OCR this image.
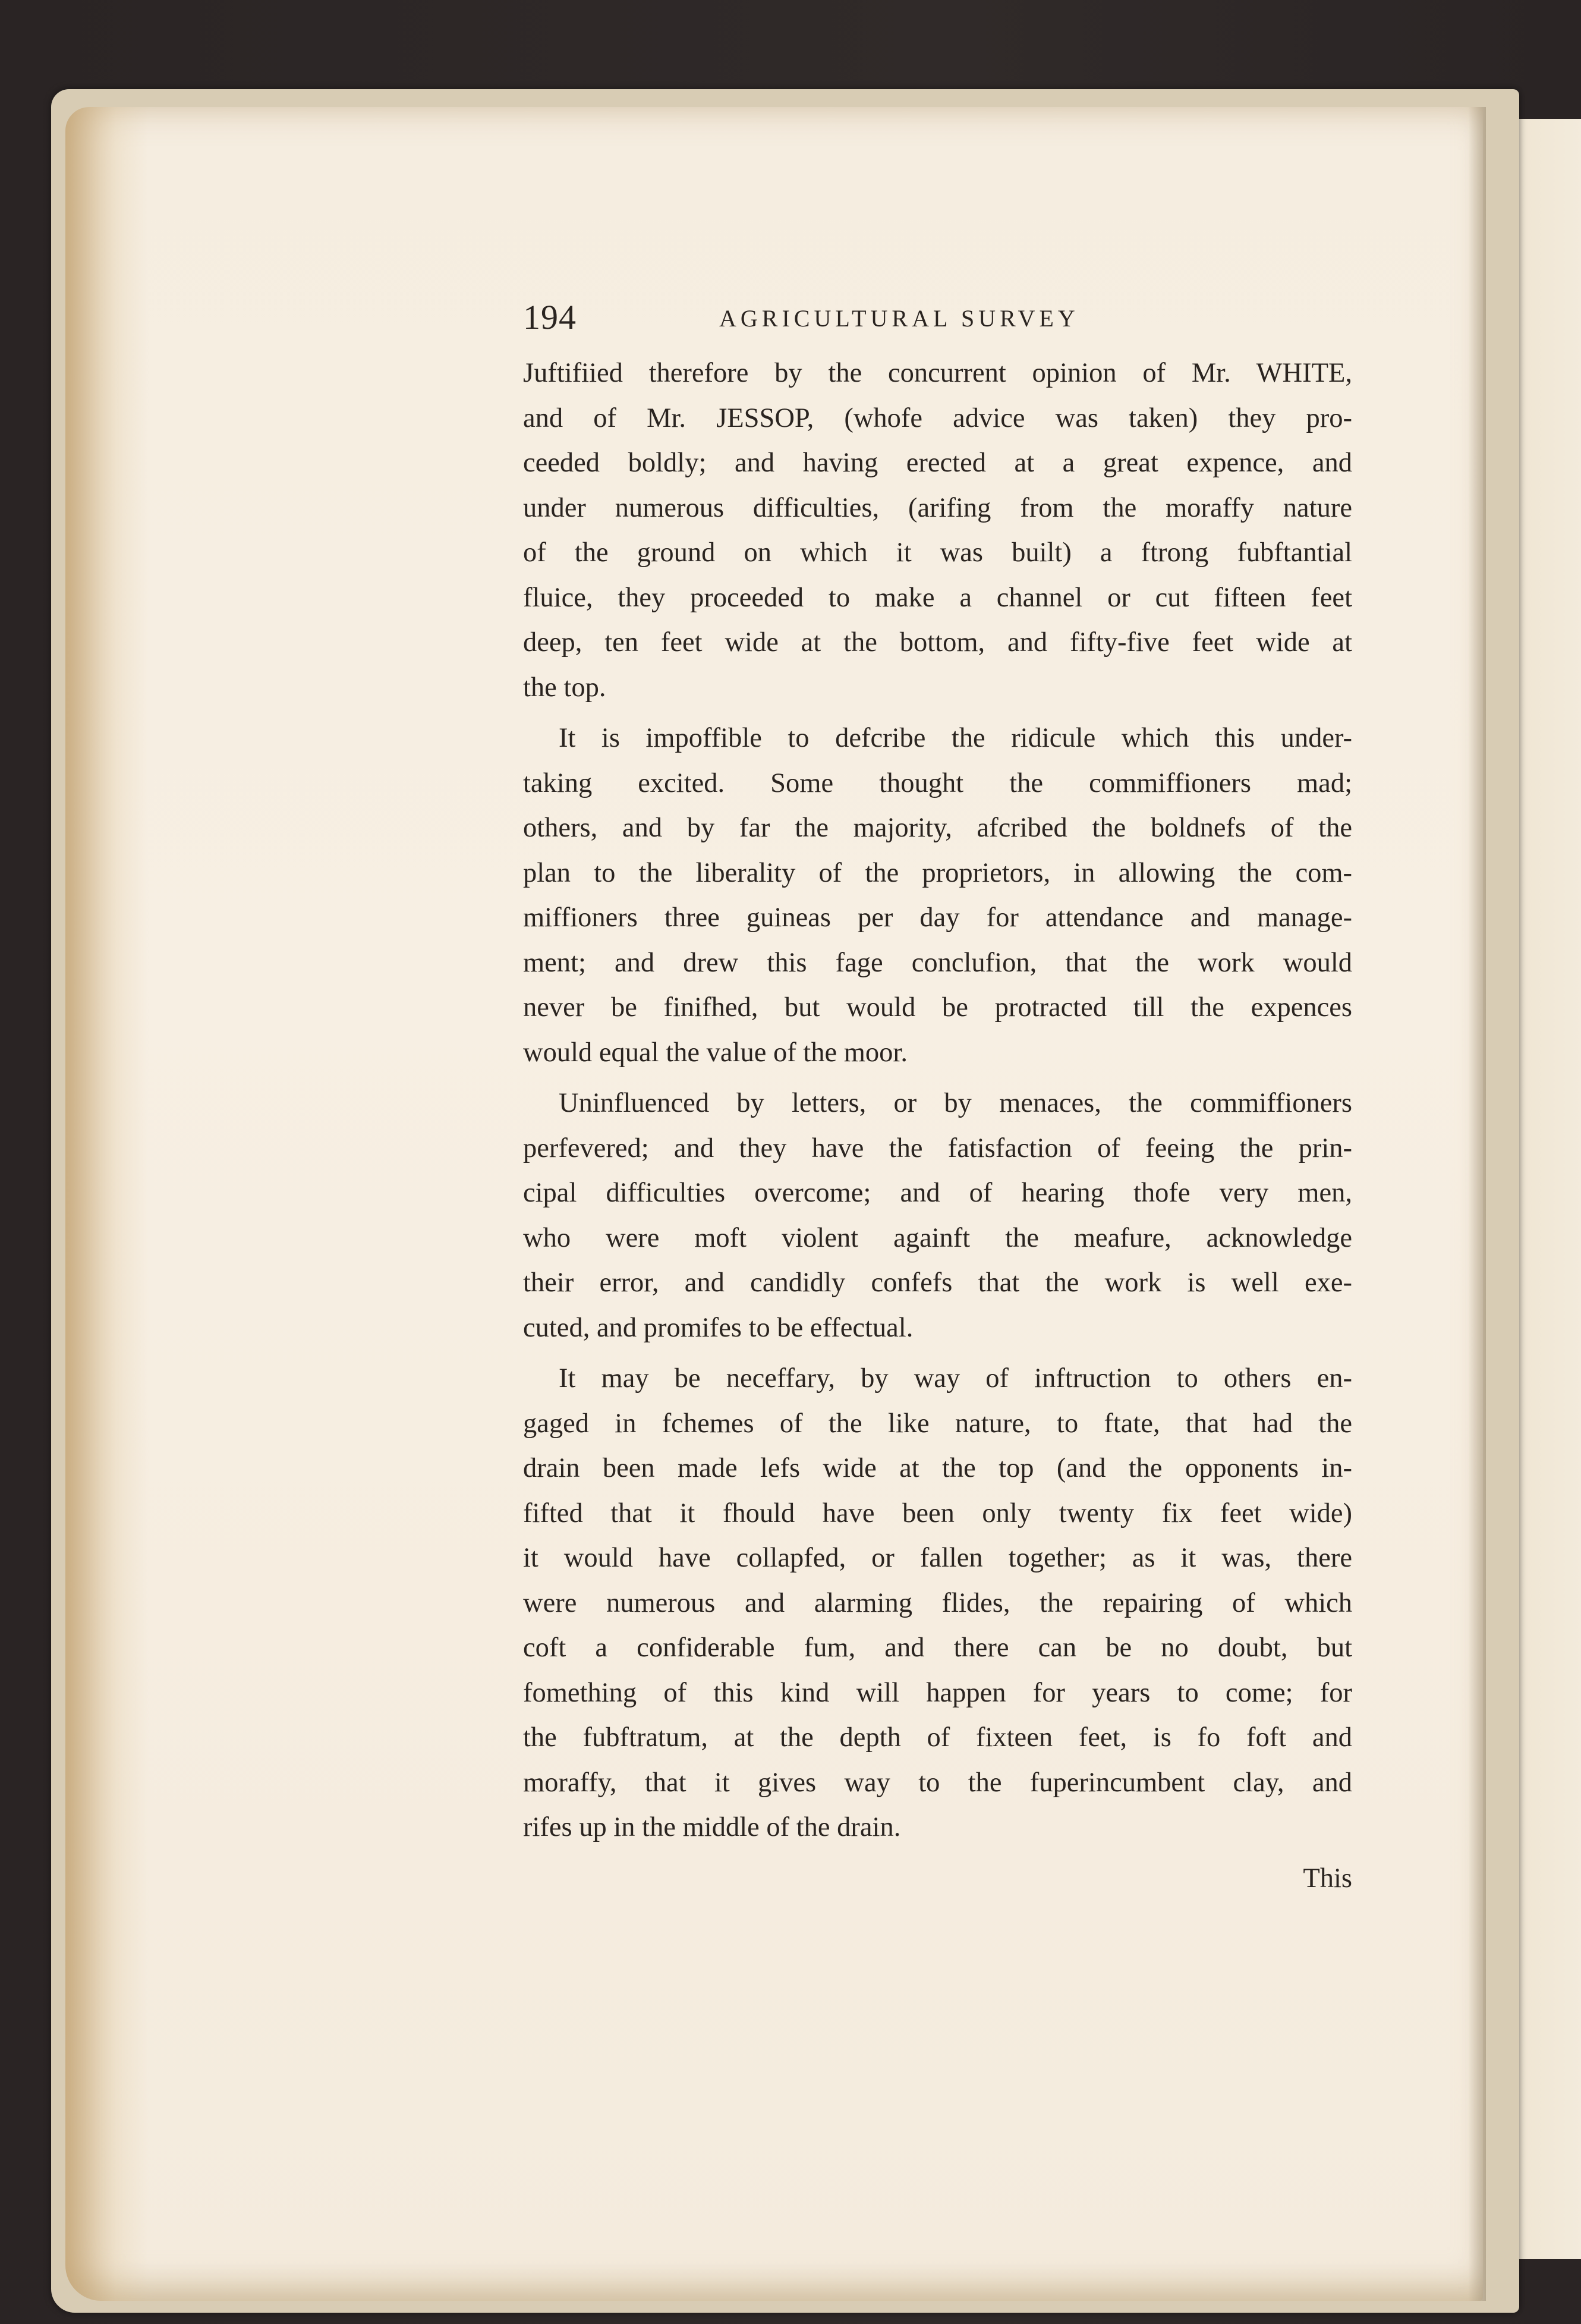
194	AGRICULTURAL SURVEY
Juftifiied therefore by the concurrent opinion of Mr. WHITE,
and of Mr. JESSOP, (whofe advice was taken) they pro-
ceeded boldly; and having erected at a great expence, and
under numerous difficulties, (arifing from the moraffy nature
of the ground on which it was built) a ftrong fubftantial
fluice, they proceeded to make a channel or cut fifteen feet
deep, ten feet wide at the bottom, and fifty-five feet wide at
the top.
It is impoffible to defcribe the ridicule which this under-
taking excited. Some thought the commiffioners mad;
others, and by far the majority, afcribed the boldnefs of the
plan to the liberality of the proprietors, in allowing the com-
miffioners three guineas per day for attendance and manage-
ment; and drew this fage conclufion, that the work would
never be finifhed, but would be protracted till the expences
would equal the value of the moor.
Uninfluenced by letters, or by menaces, the commiffioners
perfevered; and they have the fatisfaction of feeing the prin-
cipal difficulties overcome; and of hearing thofe very men,
who were moft violent againft the meafure, acknowledge
their error, and candidly confefs that the work is well exe-
cuted, and promifes to be effectual.
It may be neceffary, by way of inftruction to others en-
gaged in fchemes of the like nature, to ftate, that had the
drain been made lefs wide at the top (and the opponents in-
fifted that it fhould have been only twenty fix feet wide)
it would have collapfed, or fallen together; as it was, there
were numerous and alarming flides, the repairing of which
coft a confiderable fum, and there can be no doubt, but
fomething of this kind will happen for years to come; for
the fubftratum, at the depth of fixteen feet, is fo foft and
moraffy, that it gives way to the fuperincumbent clay, and
rifes up in the middle of the drain.
This
